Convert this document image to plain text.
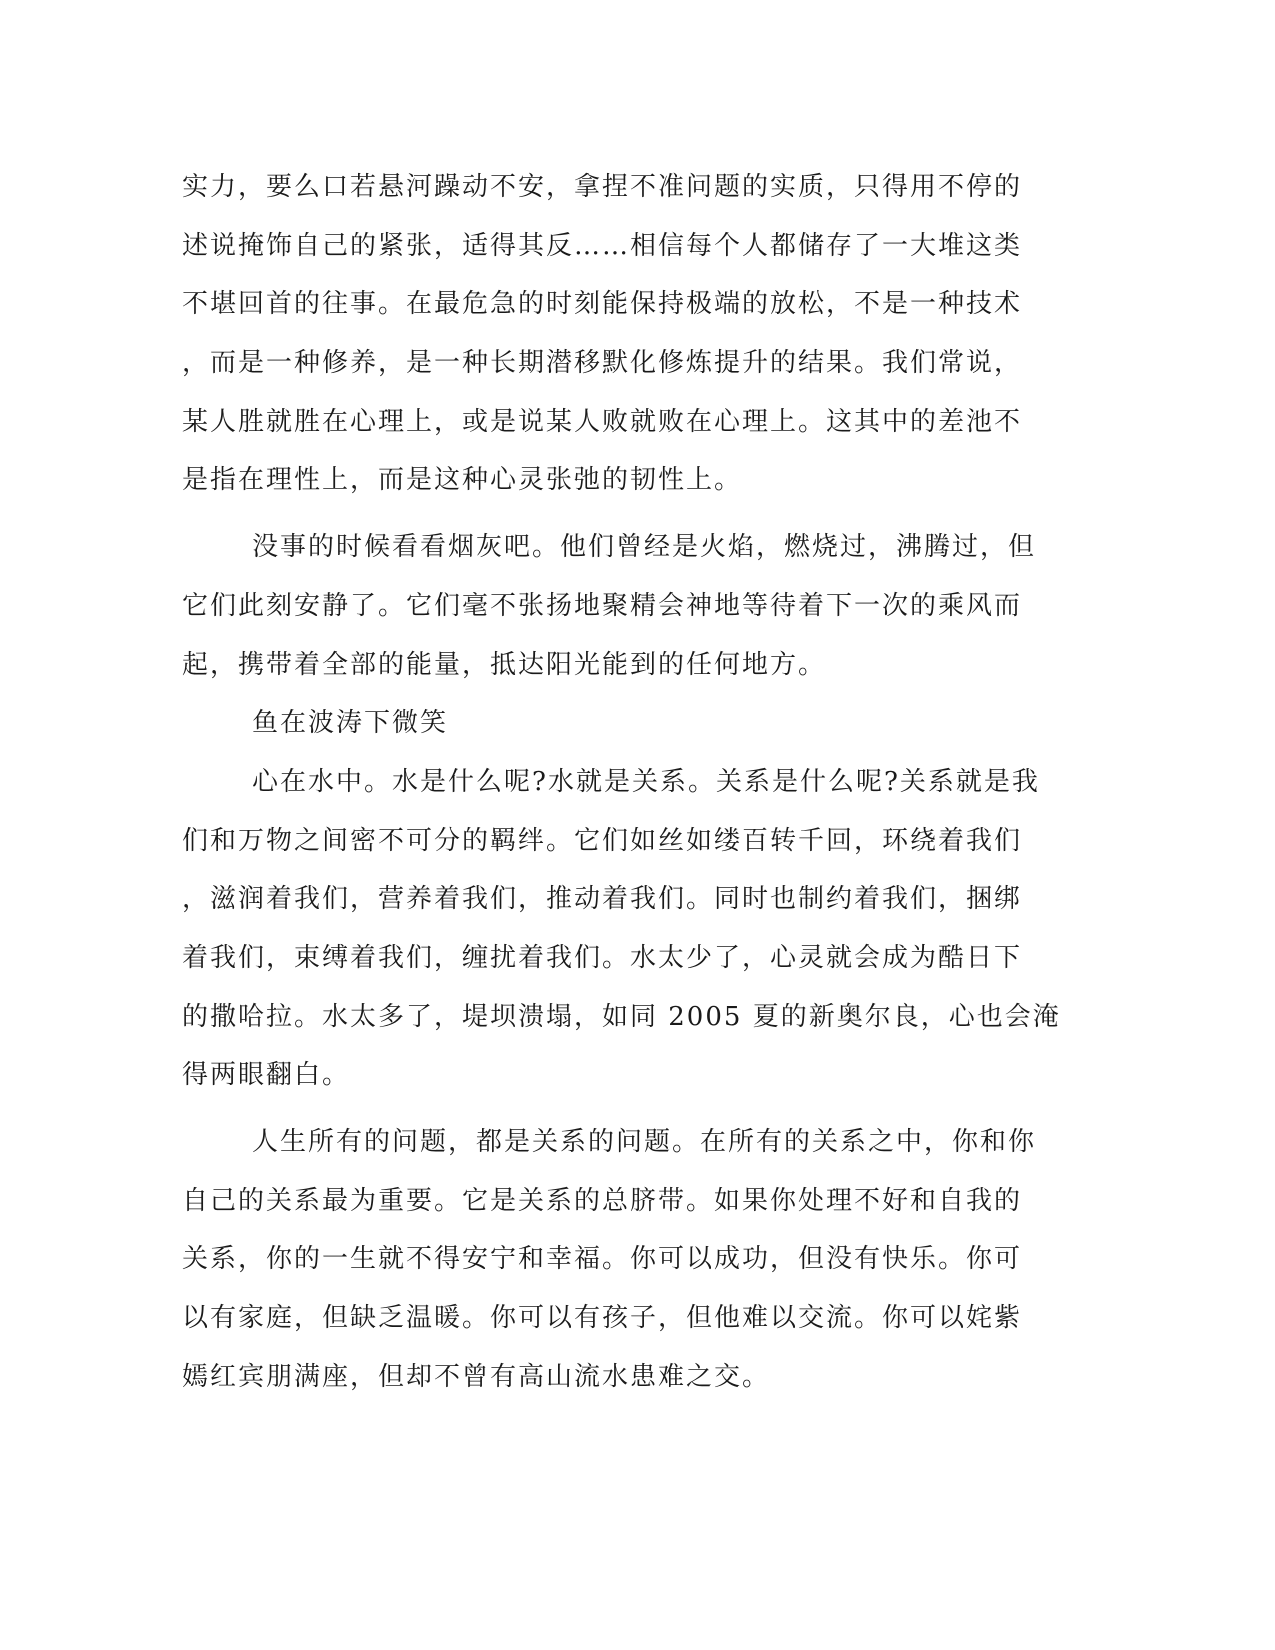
实力，要么口若悬河躁动不安，拿捏不准问题的实质，只得用不停的
述说掩饰自己的紧张，适得其反……相信每个人都储存了一大堆这类
不堪回首的往事。在最危急的时刻能保持极端的放松，不是一种技术
，而是一种修养，是一种长期潜移默化修炼提升的结果。我们常说，
某人胜就胜在心理上，或是说某人败就败在心理上。这其中的差池不
是指在理性上，而是这种心灵张弛的韧性上。
没事的时候看看烟灰吧。他们曾经是火焰，燃烧过，沸腾过，但
它们此刻安静了。它们毫不张扬地聚精会神地等待着下一次的乘风而
起，携带着全部的能量，抵达阳光能到的任何地方。
鱼在波涛下微笑
心在水中。水是什么呢?水就是关系。关系是什么呢?关系就是我
们和万物之间密不可分的羁绊。它们如丝如缕百转千回，环绕着我们
，滋润着我们，营养着我们，推动着我们。同时也制约着我们，捆绑
着我们，束缚着我们，缠扰着我们。水太少了，心灵就会成为酷日下
的撒哈拉。水太多了，堤坝溃塌，如同 2005 夏的新奥尔良，心也会淹
得两眼翻白。
人生所有的问题，都是关系的问题。在所有的关系之中，你和你
自己的关系最为重要。它是关系的总脐带。如果你处理不好和自我的
关系，你的一生就不得安宁和幸福。你可以成功，但没有快乐。你可
以有家庭，但缺乏温暖。你可以有孩子，但他难以交流。你可以姹紫
嫣红宾朋满座，但却不曾有高山流水患难之交。
